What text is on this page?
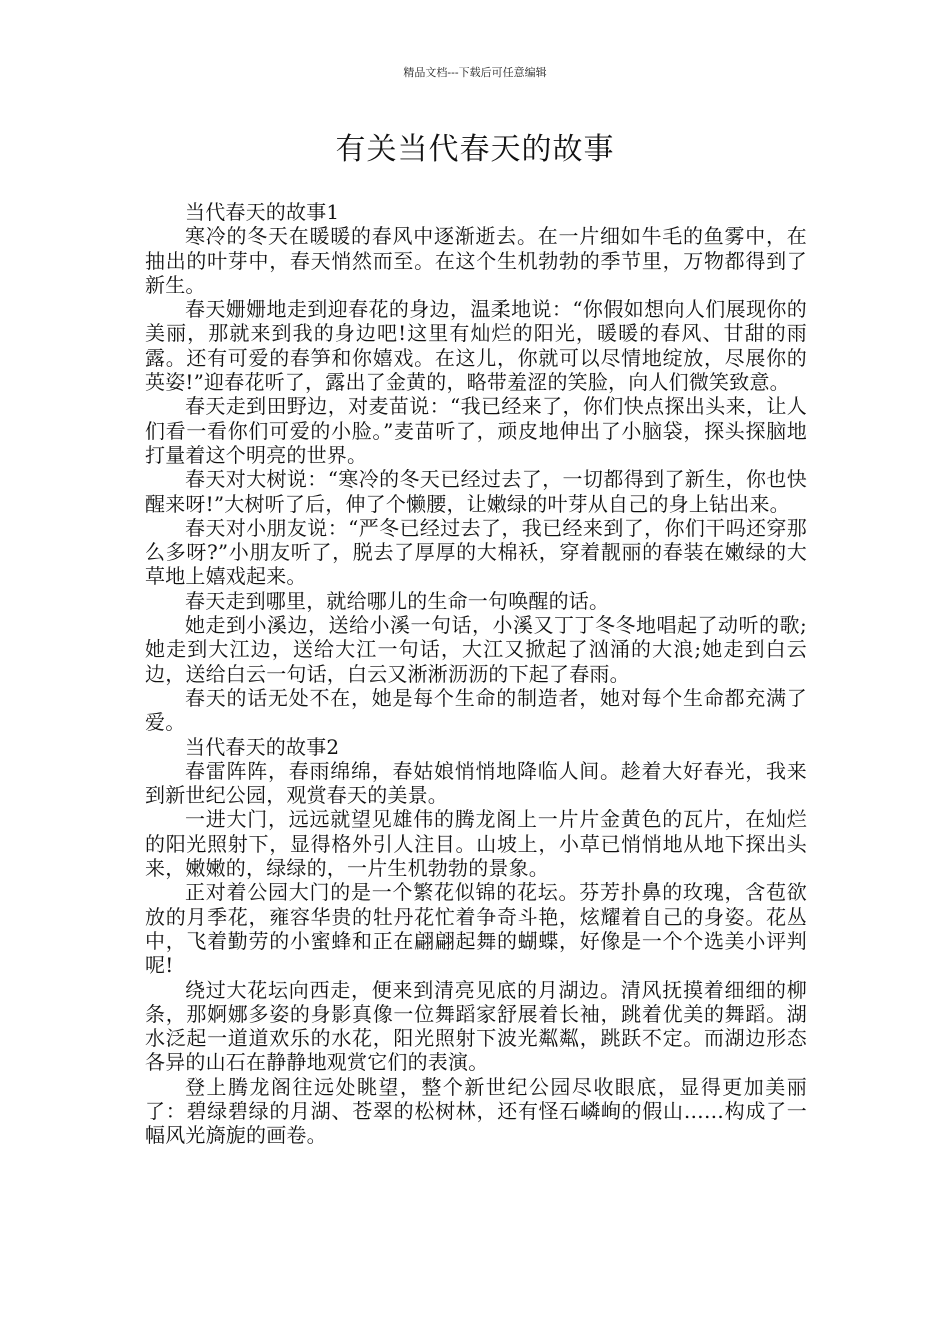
精品文档---下载后可任意编辑
有关当代春天的故事

当代春天的故事1

寒冷的冬天在暖暖的春风中逐渐逝去。在一片细如牛毛的鱼雾中，在抽出的叶芽中，春天悄然而至。在这个生机勃勃的季节里，万物都得到了新生。

春天姗姗地走到迎春花的身边，温柔地说：“你假如想向人们展现你的美丽，那就来到我的身边吧!这里有灿烂的阳光，暖暖的春风、甘甜的雨露。还有可爱的春笋和你嬉戏。在这儿，你就可以尽情地绽放，尽展你的英姿!”迎春花听了，露出了金黄的，略带羞涩的笑脸，向人们微笑致意。

春天走到田野边，对麦苗说：“我已经来了，你们快点探出头来，让人们看一看你们可爱的小脸。”麦苗听了，顽皮地伸出了小脑袋，探头探脑地打量着这个明亮的世界。

春天对大树说：“寒冷的冬天已经过去了，一切都得到了新生，你也快醒来呀!”大树听了后，伸了个懒腰，让嫩绿的叶芽从自己的身上钻出来。

春天对小朋友说：“严冬已经过去了，我已经来到了，你们干吗还穿那么多呀?”小朋友听了，脱去了厚厚的大棉袄，穿着靓丽的春装在嫩绿的大草地上嬉戏起来。

春天走到哪里，就给哪儿的生命一句唤醒的话。

她走到小溪边，送给小溪一句话，小溪又丁丁冬冬地唱起了动听的歌;她走到大江边，送给大江一句话，大江又掀起了汹涌的大浪;她走到白云边，送给白云一句话，白云又淅淅沥沥的下起了春雨。

春天的话无处不在，她是每个生命的制造者，她对每个生命都充满了爱。

当代春天的故事2

春雷阵阵，春雨绵绵，春姑娘悄悄地降临人间。趁着大好春光，我来到新世纪公园，观赏春天的美景。

一进大门，远远就望见雄伟的腾龙阁上一片片金黄色的瓦片，在灿烂的阳光照射下，显得格外引人注目。山坡上，小草已悄悄地从地下探出头来，嫩嫩的，绿绿的，一片生机勃勃的景象。

正对着公园大门的是一个繁花似锦的花坛。芬芳扑鼻的玫瑰，含苞欲放的月季花，雍容华贵的牡丹花忙着争奇斗艳，炫耀着自己的身姿。花丛中，飞着勤劳的小蜜蜂和正在翩翩起舞的蝴蝶，好像是一个个选美小评判呢!

绕过大花坛向西走，便来到清亮见底的月湖边。清风抚摸着细细的柳条，那婀娜多姿的身影真像一位舞蹈家舒展着长袖，跳着优美的舞蹈。湖水泛起一道道欢乐的水花，阳光照射下波光粼粼，跳跃不定。而湖边形态各异的山石在静静地观赏它们的表演。

登上腾龙阁往远处眺望，整个新世纪公园尽收眼底，显得更加美丽了：碧绿碧绿的月湖、苍翠的松树林，还有怪石嶙峋的假山……构成了一幅风光旖旎的画卷。
